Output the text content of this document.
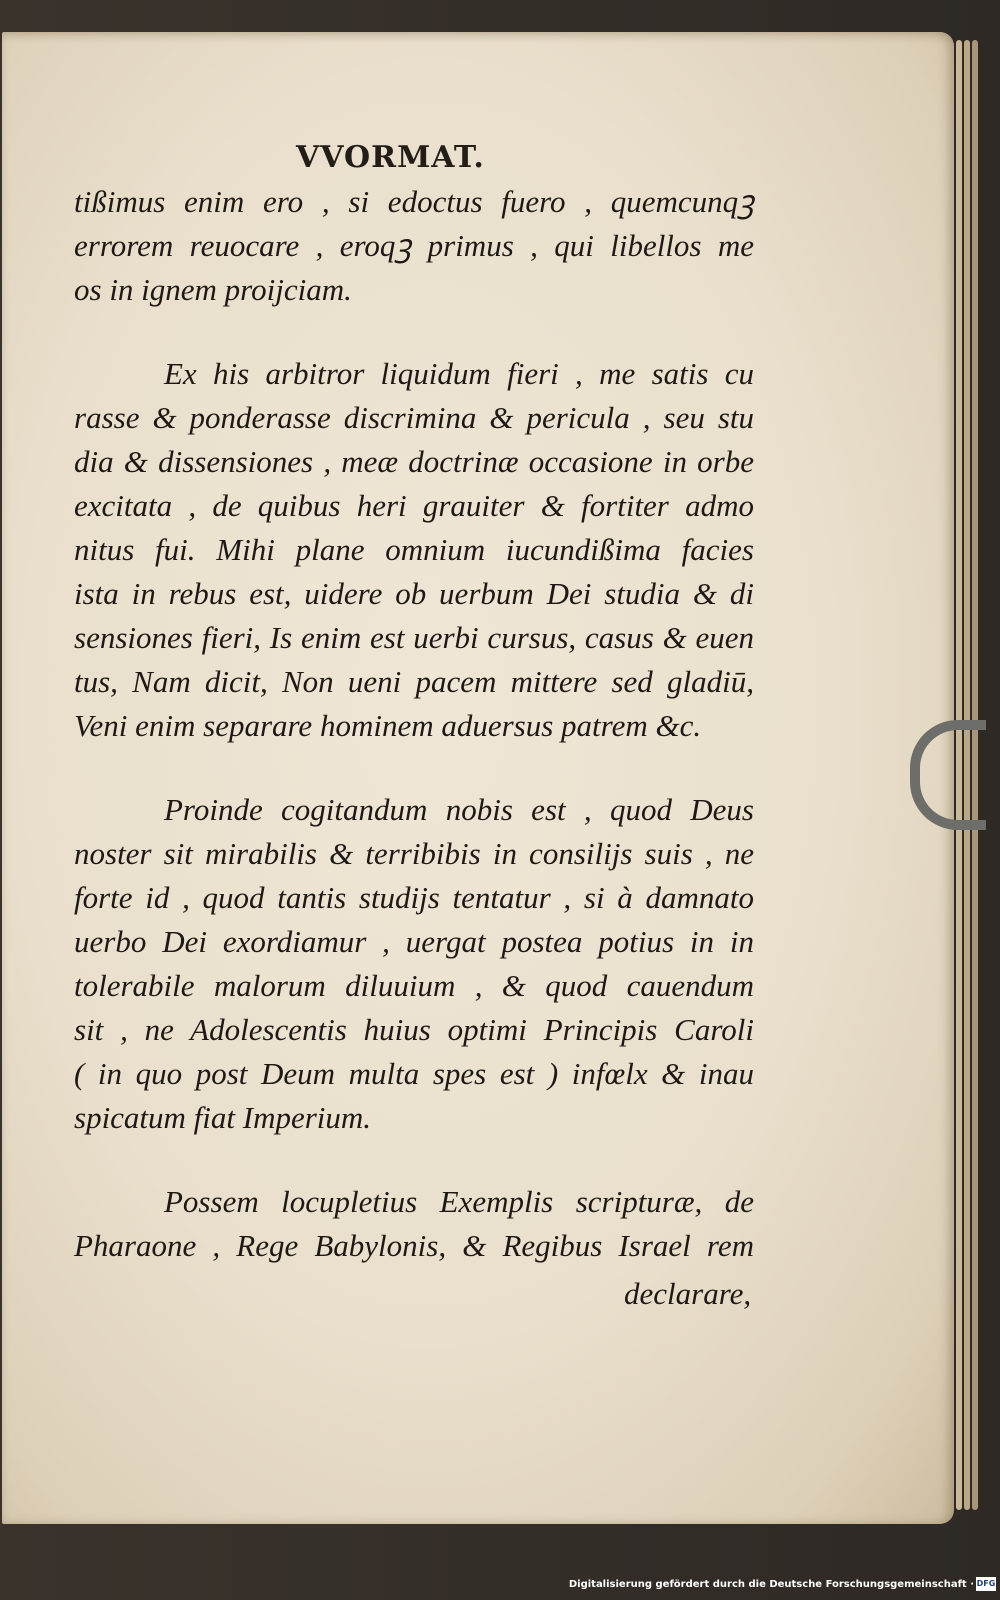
VVORMAT.
tißimus enim ero , si edoctus fuero , quemcunqꝫ
errorem reuocare , eroqꝫ primus , qui libellos me
os in ignem proijciam.
Ex his arbitror liquidum fieri , me satis cu
rasse & ponderasse discrimina & pericula , seu stu
dia & dissensiones , meæ doctrinæ occasione in orbe
excitata , de quibus heri grauiter & fortiter admo
nitus fui. Mihi plane omnium iucundißima facies
ista in rebus est, uidere ob uerbum Dei studia & di
sensiones fieri, Is enim est uerbi cursus, casus & euen
tus, Nam dicit, Non ueni pacem mittere sed gladiū,
Veni enim separare hominem aduersus patrem &c.
Proinde cogitandum nobis est , quod Deus
noster sit mirabilis & terribibis in consilijs suis , ne
forte id , quod tantis studijs tentatur , si à damnato
uerbo Dei exordiamur , uergat postea potius in in
tolerabile malorum diluuium , & quod cauendum
sit , ne Adolescentis huius optimi Principis Caroli
( in quo post Deum multa spes est ) infœlx & inau
spicatum fiat Imperium.
Possem locupletius Exemplis scripturæ, de
Pharaone , Rege Babylonis, & Regibus Israel rem
declarare,
Digitalisierung gefördert durch die Deutsche Forschungsgemeinschaft · DFG
